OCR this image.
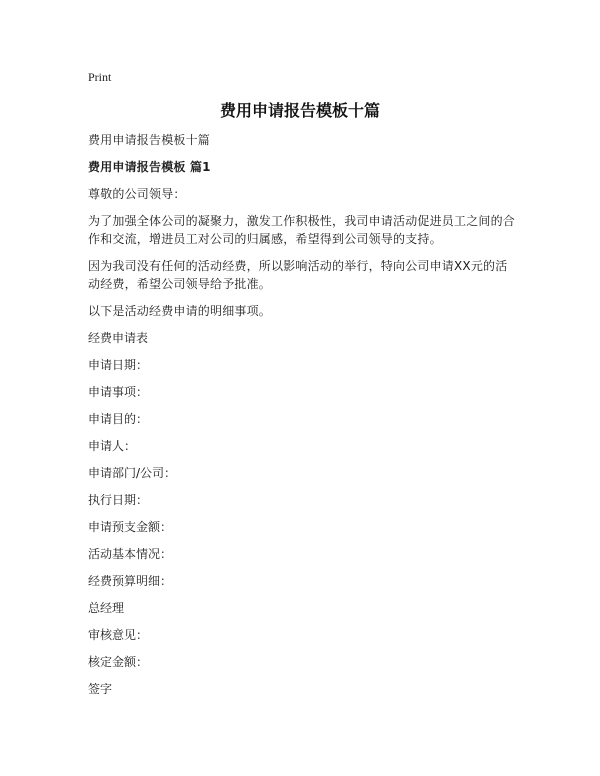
Print
费用申请报告模板十篇

费用申请报告模板十篇

费用申请报告模板 篇1

尊敬的公司领导：

为了加强全体公司的凝聚力，激发工作积极性，我司申请活动促进员工之间的合作和交流，增进员工对公司的归属感，希望得到公司领导的支持。

因为我司没有任何的活动经费，所以影响活动的举行，特向公司申请XX元的活动经费，希望公司领导给予批准。

以下是活动经费申请的明细事项。

经费申请表

申请日期：

申请事项：

申请目的：

申请人：

申请部门/公司：

执行日期：

申请预支金额：

活动基本情况：

经费预算明细：

总经理

审核意见：

核定金额：

签字
